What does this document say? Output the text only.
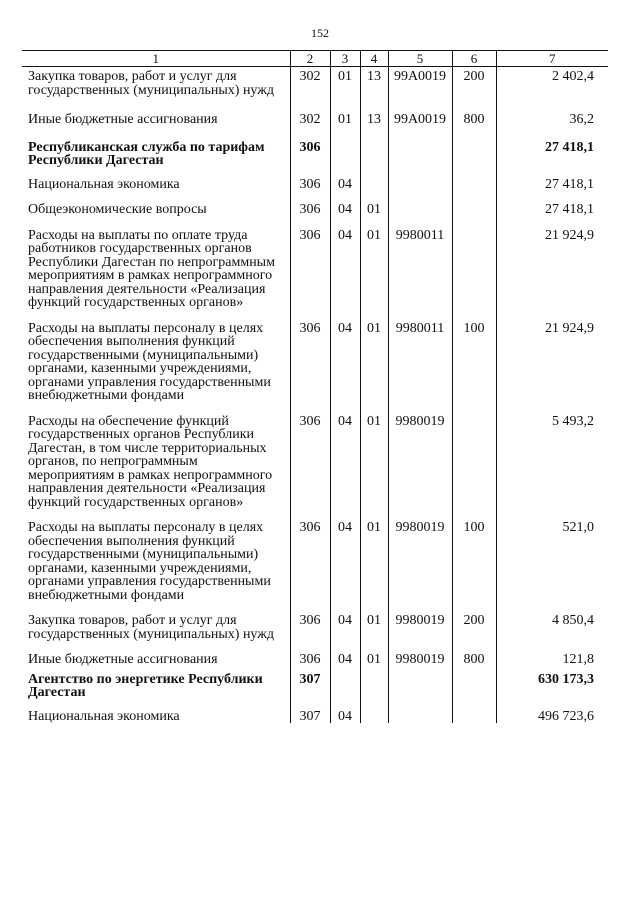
152
1	2	3	4	5	6	7
Закупка товаров, работ и услуг для государственных (муниципальных) нужд	302	01	13	99А0019	200	2 402,4
Иные бюджетные ассигнования	302	01	13	99А0019	800	36,2
Республиканская служба по тарифам Республики Дагестан	306					27 418,1
Национальная экономика	306	04				27 418,1
Общеэкономические вопросы	306	04	01			27 418,1
Расходы на выплаты по оплате труда работников государственных органов Республики Дагестан по непрограммным мероприятиям в рамках непрограммного направления деятельности «Реализация функций государственных органов»	306	04	01	9980011		21 924,9
Расходы на выплаты персоналу в целях обеспечения выполнения функций государственными (муниципальными) органами, казенными учреждениями, органами управления государственными внебюджетными фондами	306	04	01	9980011	100	21 924,9
Расходы на обеспечение функций государственных органов Республики Дагестан, в том числе территориальных органов, по непрограммным мероприятиям в рамках непрограммного направления деятельности «Реализация функций государственных органов»	306	04	01	9980019		5 493,2
Расходы на выплаты персоналу в целях обеспечения выполнения функций государственными (муниципальными) органами, казенными учреждениями, органами управления государственными внебюджетными фондами	306	04	01	9980019	100	521,0
Закупка товаров, работ и услуг для государственных (муниципальных) нужд	306	04	01	9980019	200	4 850,4
Иные бюджетные ассигнования	306	04	01	9980019	800	121,8
Агентство по энергетике Республики Дагестан	307					630 173,3
Национальная экономика	307	04				496 723,6
